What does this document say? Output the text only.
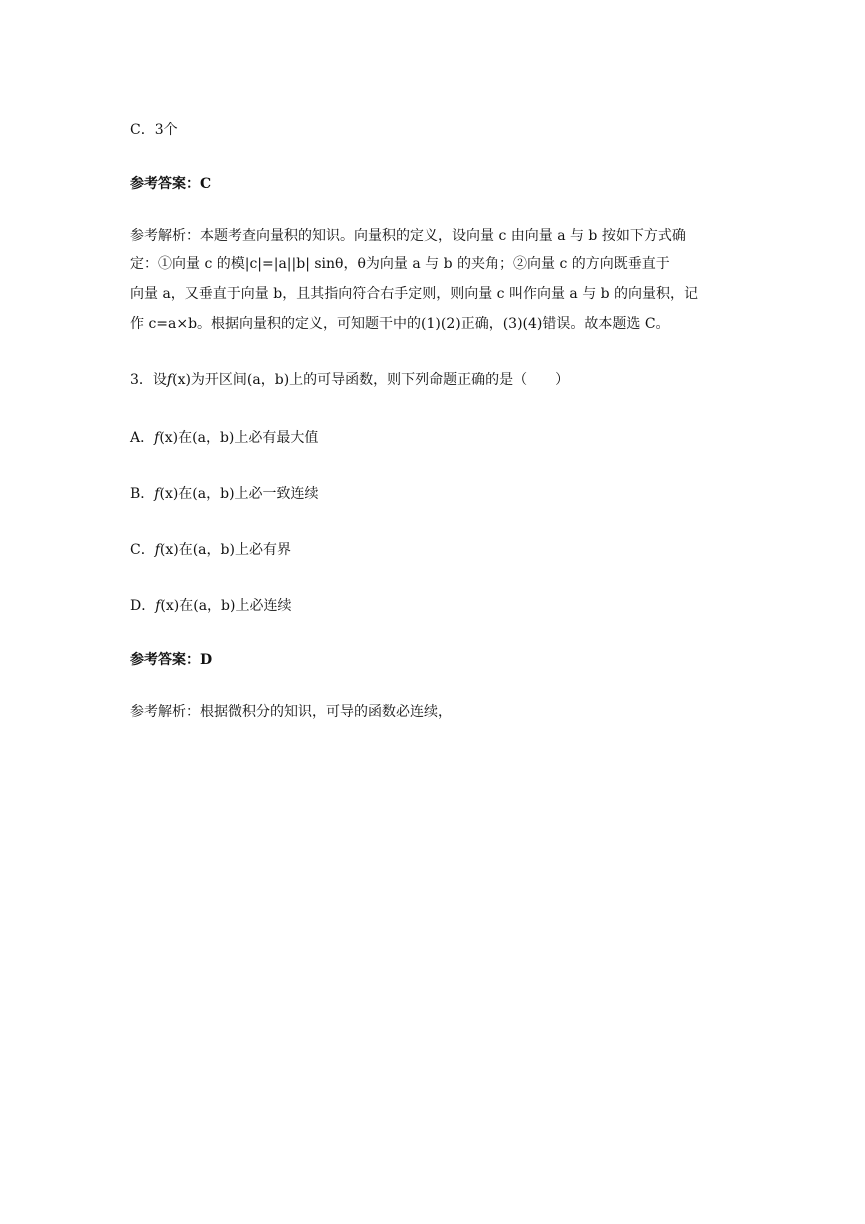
C．3个
参考答案：C
参考解析：本题考查向量积的知识。向量积的定义，设向量 c 由向量 a 与 b 按如下方式确
定：①向量 c 的模|c|=|a||b| sinθ，θ为向量 a 与 b 的夹角；②向量 c 的方向既垂直于
向量 a，又垂直于向量 b，且其指向符合右手定则，则向量 c 叫作向量 a 与 b 的向量积，记
作 c=a×b。根据向量积的定义，可知题干中的(1)(2)正确，(3)(4)错误。故本题选 C。
3．设f(x)为开区间(a，b)上的可导函数，则下列命题正确的是（　　）
A．f(x)在(a，b)上必有最大值
B．f(x)在(a，b)上必一致连续
C．f(x)在(a，b)上必有界
D．f(x)在(a，b)上必连续
参考答案：D
参考解析：根据微积分的知识，可导的函数必连续，
